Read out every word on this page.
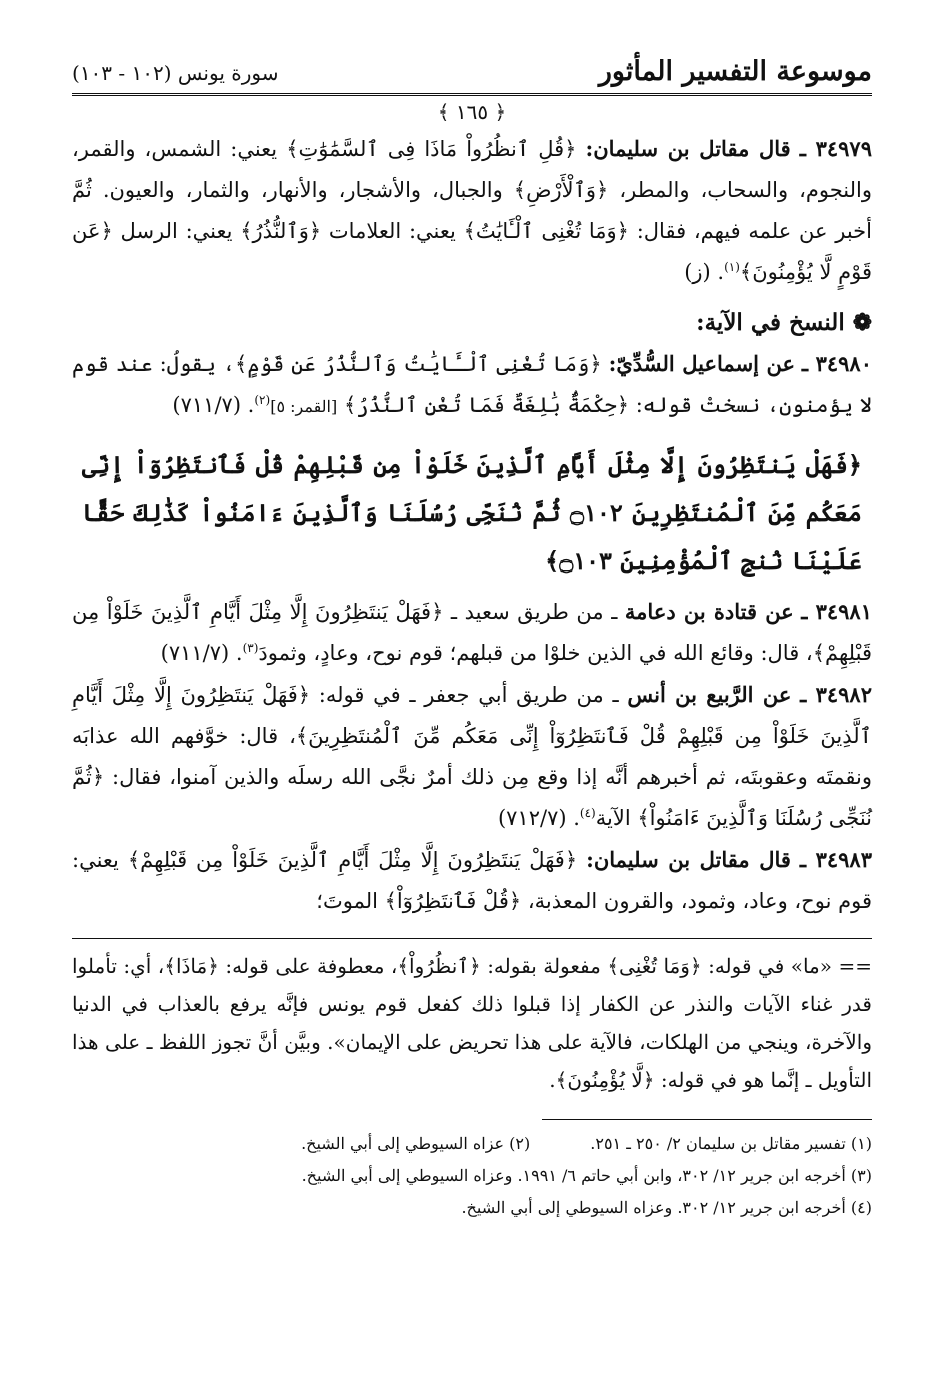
موسوعة التفسير المأثور
سورة يونس (١٠٢ - ١٠٣)
﴿ ١٦٥ ﴾

٣٤٩٧٩ ـ قال مقاتل بن سليمان: ﴿قُلِ ٱنظُرُواْ مَاذَا فِى ٱلسَّمَٰوَٰتِ﴾ يعني: الشمس، والقمر، والنجوم، والسحاب، والمطر، ﴿وَٱلْأَرْضِ﴾ والجبال، والأشجار، والأنهار، والثمار، والعيون. ثُمَّ أخبر عن علمه فيهم، فقال: ﴿وَمَا تُغْنِى ٱلْـَٔايَٰتُ﴾ يعني: العلامات ﴿وَٱلنُّذُرُ﴾ يعني: الرسل ﴿عَن قَوْمٍ لَّا يُؤْمِنُونَ﴾$^{(١)}$. (ز)

❁ النسخ في الآية:

٣٤٩٨٠ ـ عن إسماعيل السُّدِّيّ: ﴿وَمَا تُغْنِى ٱلْـَٔايَٰتُ وَٱلنُّذُرُ عَن قَوْمٍ﴾، يقولُ: عند قوم لا يؤمنون، نسختْ قوله: ﴿حِكْمَةٌۢ بَٰلِغَةٌ فَمَا تُغْنِ ٱلنُّذُرُ﴾ [القمر: ٥]$^{(٢)}$. (٧١١/٧)

﴿فَهَلْ يَنتَظِرُونَ إِلَّا مِثْلَ أَيَّامِ ٱلَّذِينَ خَلَوْاْ مِن قَبْلِهِمْ قُلْ فَٱنتَظِرُوٓاْ إِنِّى مَعَكُم مِّنَ ٱلْمُنتَظِرِينَ ۝١٠٢ ثُمَّ نُنَجِّى رُسُلَنَا وَٱلَّذِينَ ءَامَنُواْ كَذَٰلِكَ حَقًّا عَلَيْنَا نُنجِ ٱلْمُؤْمِنِينَ ۝١٠٣﴾

٣٤٩٨١ ـ عن قتادة بن دعامة ـ من طريق سعيد ـ ﴿فَهَلْ يَنتَظِرُونَ إِلَّا مِثْلَ أَيَّامِ ٱلَّذِينَ خَلَوْاْ مِن قَبْلِهِمْ﴾، قال: وقائع الله في الذين خلوْا من قبلهم؛ قوم نوح، وعادٍ، وثمودَ$^{(٣)}$. (٧١١/٧)

٣٤٩٨٢ ـ عن الرَّبيع بن أنس ـ من طريق أبي جعفر ـ في قوله: ﴿فَهَلْ يَنتَظِرُونَ إِلَّا مِثْلَ أَيَّامِ ٱلَّذِينَ خَلَوْاْ مِن قَبْلِهِمْ قُلْ فَٱنتَظِرُوٓاْ إِنِّى مَعَكُم مِّنَ ٱلْمُنتَظِرِينَ﴾، قال: خوَّفهم الله عذابَه ونقمتَه وعقوبتَه، ثم أخبرهم أنَّه إذا وقع مِن ذلك أمرٌ نجَّى الله رسلَه والذين آمنوا، فقال: ﴿ثُمَّ نُنَجِّى رُسُلَنَا وَٱلَّذِينَ ءَامَنُواْ﴾ الآية$^{(٤)}$. (٧١٢/٧)

٣٤٩٨٣ ـ قال مقاتل بن سليمان: ﴿فَهَلْ يَنتَظِرُونَ إِلَّا مِثْلَ أَيَّامِ ٱلَّذِينَ خَلَوْاْ مِن قَبْلِهِمْ﴾ يعني: قوم نوح، وعاد، وثمود، والقرون المعذبة، ﴿قُلْ فَٱنتَظِرُوٓاْ﴾ الموتَ؛

== «ما» في قوله: ﴿وَمَا تُغْنِى﴾ مفعولة بقوله: ﴿ٱنظُرُواْ﴾، معطوفة على قوله: ﴿مَاذَا﴾، أي: تأملوا قدر غناء الآيات والنذر عن الكفار إذا قبلوا ذلك كفعل قوم يونس فإنَّه يرفع بالعذاب في الدنيا والآخرة، وينجي من الهلكات، فالآية على هذا تحريض على الإيمان». وبيَّن أنَّ تجوز اللفظ ـ على هذا التأويل ـ إنَّما هو في قوله: ﴿لَّا يُؤْمِنُونَ﴾.

(١) تفسير مقاتل بن سليمان ٢/ ٢٥٠ ـ ٢٥١.
(٢) عزاه السيوطي إلى أبي الشيخ.
(٣) أخرجه ابن جرير ١٢/ ٣٠٢، وابن أبي حاتم ٦/ ١٩٩١. وعزاه السيوطي إلى أبي الشيخ.
(٤) أخرجه ابن جرير ١٢/ ٣٠٢. وعزاه السيوطي إلى أبي الشيخ.
